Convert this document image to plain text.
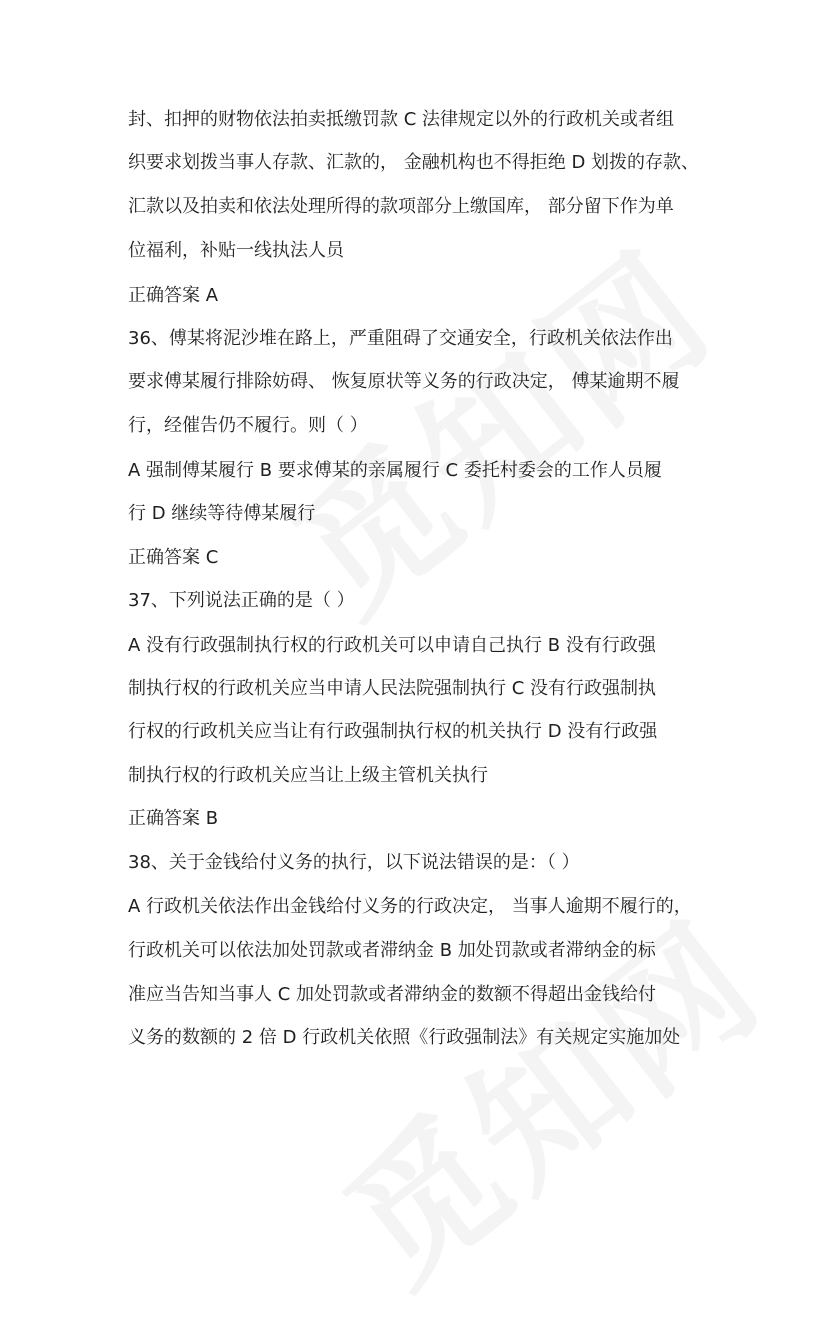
封、扣押的财物依法拍卖抵缴罚款 C 法律规定以外的行政机关或者组
织要求划拨当事人存款、汇款的， 金融机构也不得拒绝 D 划拨的存款、
汇款以及拍卖和依法处理所得的款项部分上缴国库， 部分留下作为单
位福利，补贴一线执法人员
正确答案 A
36、傅某将泥沙堆在路上，严重阻碍了交通安全，行政机关依法作出
要求傅某履行排除妨碍、 恢复原状等义务的行政决定， 傅某逾期不履
行，经催告仍不履行。则（ ）
A 强制傅某履行 B 要求傅某的亲属履行 C 委托村委会的工作人员履
行 D 继续等待傅某履行
正确答案 C
37、下列说法正确的是（ ）
A 没有行政强制执行权的行政机关可以申请自己执行 B 没有行政强
制执行权的行政机关应当申请人民法院强制执行 C 没有行政强制执
行权的行政机关应当让有行政强制执行权的机关执行 D 没有行政强
制执行权的行政机关应当让上级主管机关执行
正确答案 B
38、关于金钱给付义务的执行，以下说法错误的是：（ ）
A 行政机关依法作出金钱给付义务的行政决定， 当事人逾期不履行的，
行政机关可以依法加处罚款或者滞纳金 B 加处罚款或者滞纳金的标
准应当告知当事人 C 加处罚款或者滞纳金的数额不得超出金钱给付
义务的数额的 2 倍 D 行政机关依照《行政强制法》有关规定实施加处
